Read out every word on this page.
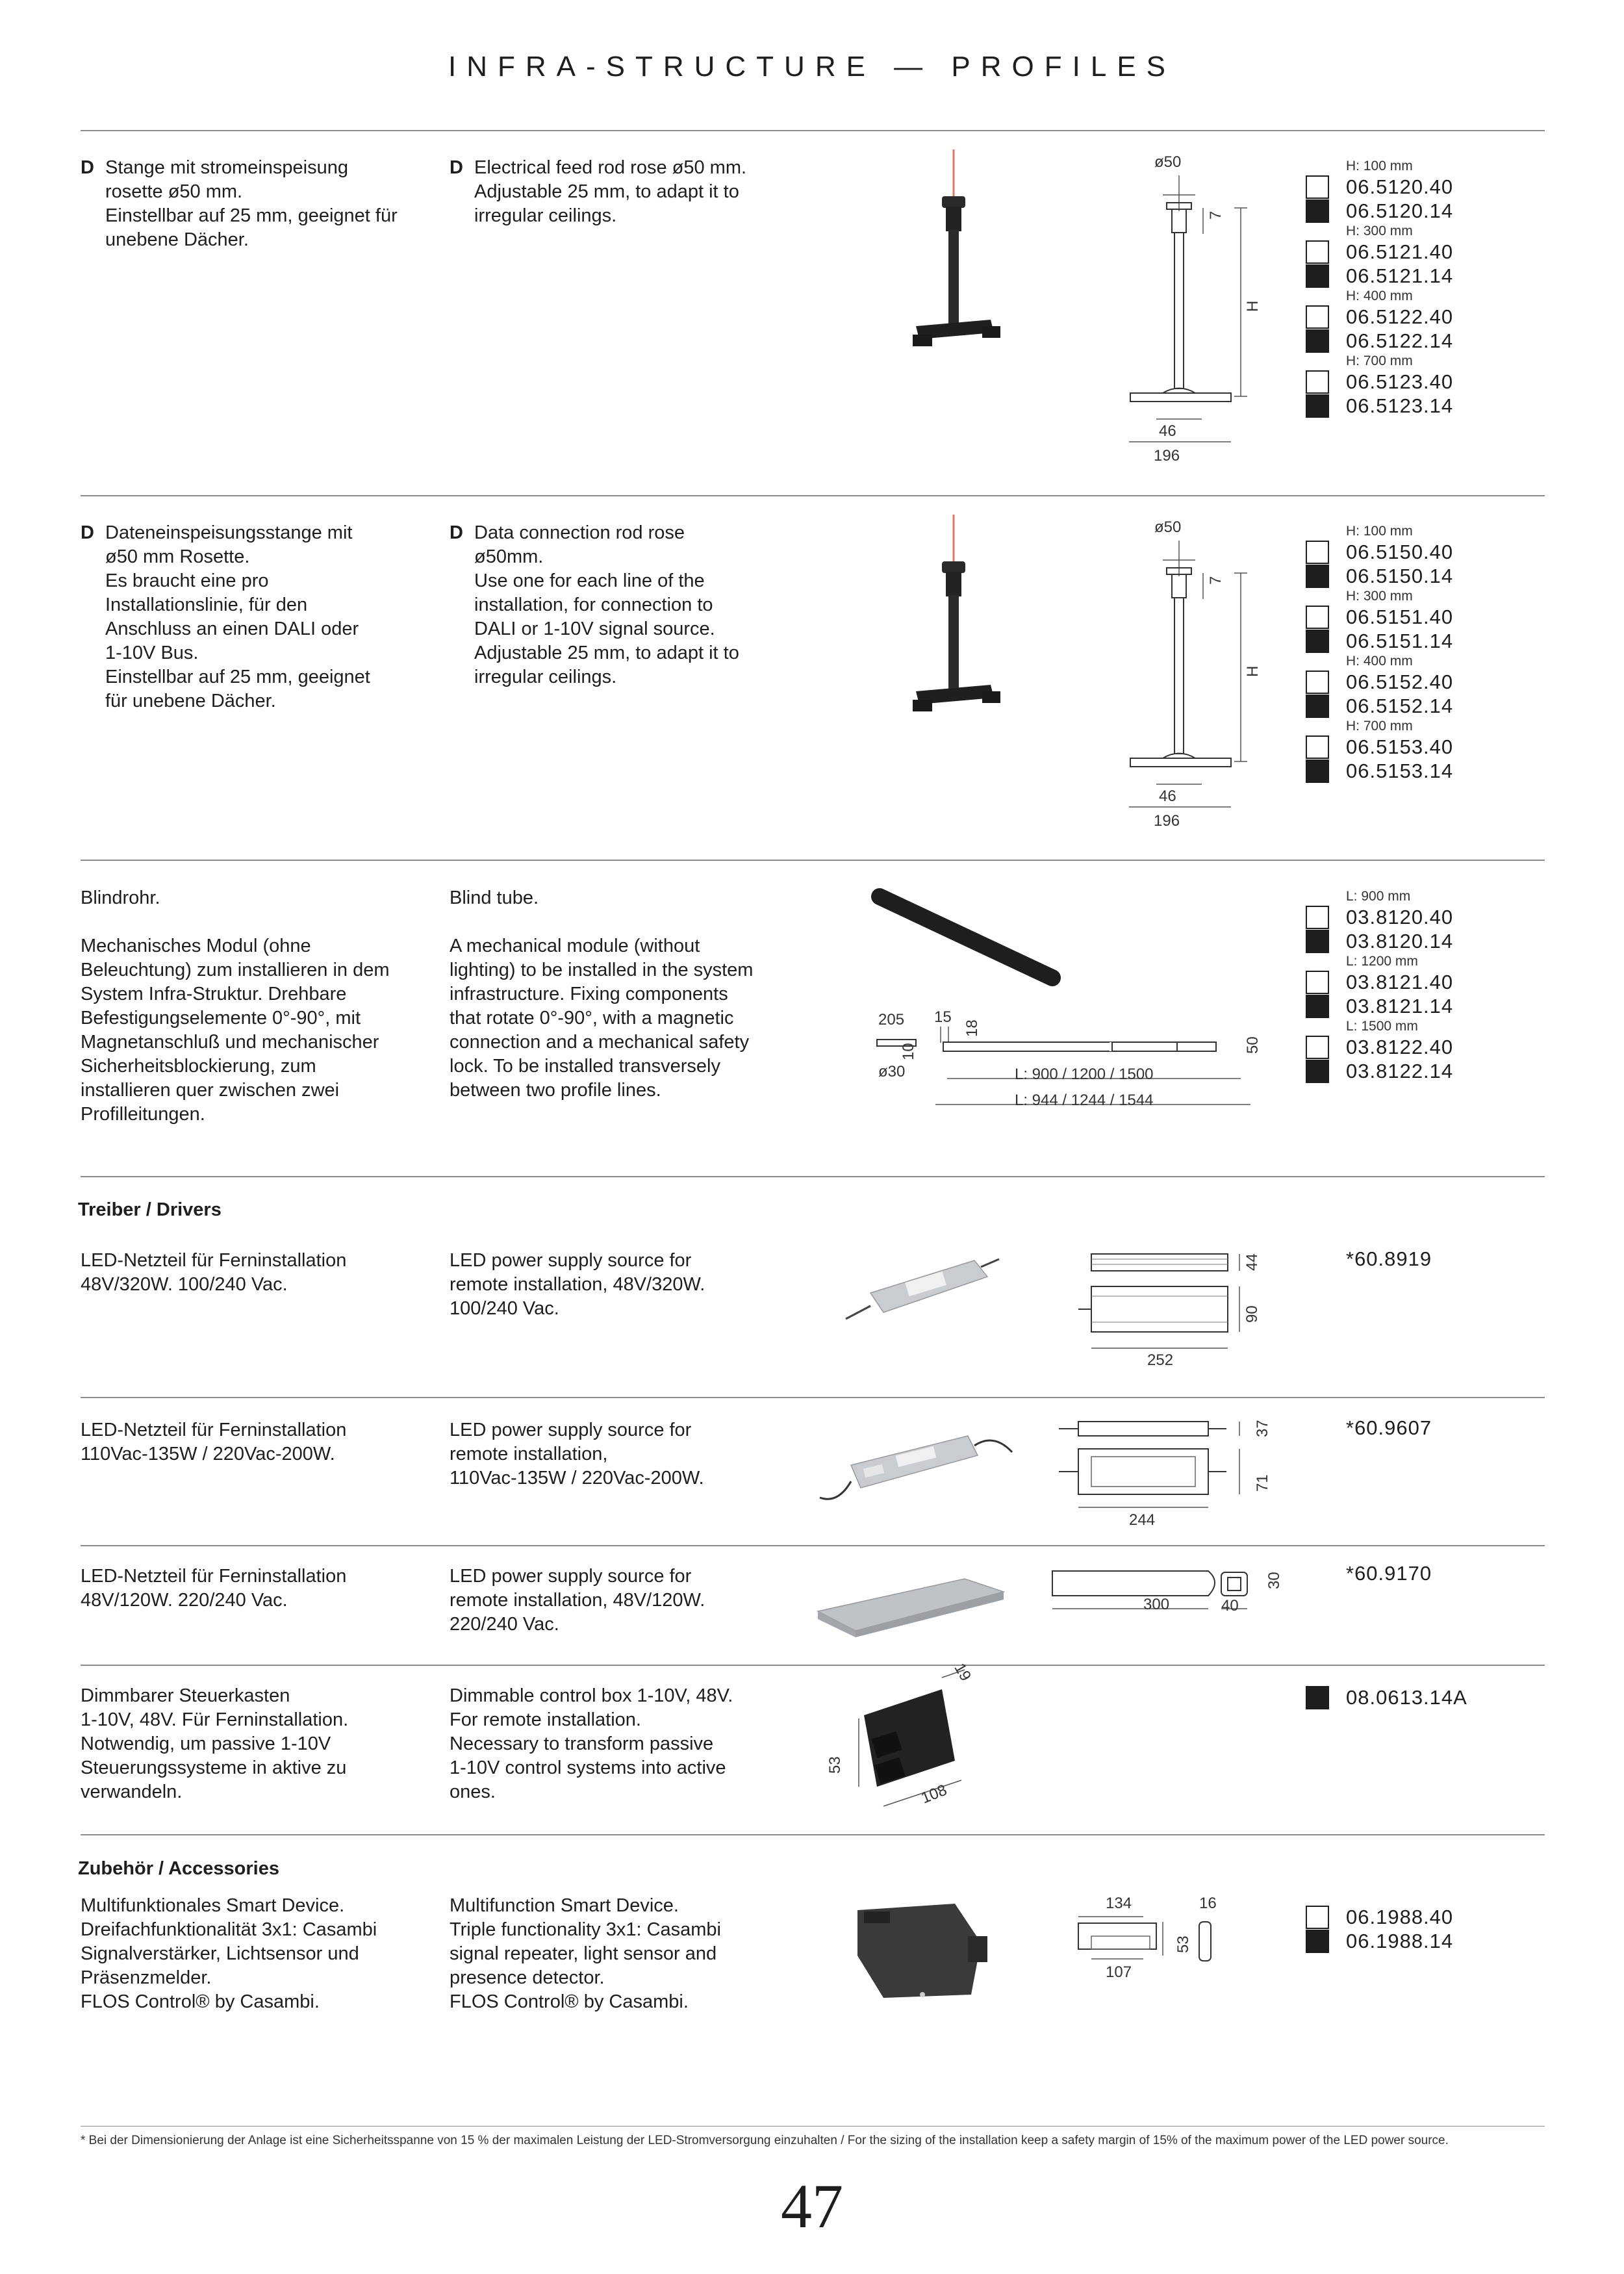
INFRA-STRUCTURE — PROFILES
D Stange mit stromeinspeisung
rosette ø50 mm.
Einstellbar auf 25 mm, geeignet für
unebene Dächer.
D Electrical feed rod rose ø50 mm.
Adjustable 25 mm, to adapt it to
irregular ceilings.
ø50
7
H
46
196
H: 100 mm
06.5120.40
06.5120.14
H: 300 mm
06.5121.40
06.5121.14
H: 400 mm
06.5122.40
06.5122.14
H: 700 mm
06.5123.40
06.5123.14
D Dateneinspeisungsstange mit
ø50 mm Rosette.
Es braucht eine pro
Installationslinie, für den
Anschluss an einen DALI oder
1-10V Bus.
Einstellbar auf 25 mm, geeignet
für unebene Dächer.
D Data connection rod rose
ø50mm.
Use one for each line of the
installation, for connection to
DALI or 1-10V signal source.
Adjustable 25 mm, to adapt it to
irregular ceilings.
ø50
7
H
46
196
H: 100 mm
06.5150.40
06.5150.14
H: 300 mm
06.5151.40
06.5151.14
H: 400 mm
06.5152.40
06.5152.14
H: 700 mm
06.5153.40
06.5153.14
Blindrohr.

Mechanisches Modul (ohne
Beleuchtung) zum installieren in dem
System Infra-Struktur. Drehbare
Befestigungselemente 0°-90°, mit
Magnetanschluß und mechanischer
Sicherheitsblockierung, zum
installieren quer zwischen zwei
Profilleitungen.
Blind tube.

A mechanical module (without
lighting) to be installed in the system
infrastructure. Fixing components
that rotate 0°-90°, with a magnetic
connection and a mechanical safety
lock. To be installed transversely
between two profile lines.
205 15
18
10
ø30
50
L: 900 / 1200 / 1500
L: 944 / 1244 / 1544
L: 900 mm
03.8120.40
03.8120.14
L: 1200 mm
03.8121.40
03.8121.14
L: 1500 mm
03.8122.40
03.8122.14
Treiber / Drivers
LED-Netzteil für Ferninstallation
48V/320W. 100/240 Vac.
LED power supply source for
remote installation, 48V/320W.
100/240 Vac.
44
90
252
*60.8919
LED-Netzteil für Ferninstallation
110Vac-135W / 220Vac-200W.
LED power supply source for
remote installation,
110Vac-135W / 220Vac-200W.
37
71
244
*60.9607
LED-Netzteil für Ferninstallation
48V/120W. 220/240 Vac.
LED power supply source for
remote installation, 48V/120W.
220/240 Vac.
300	40
30	*60.9170
Dimmbarer Steuerkasten
1-10V, 48V. Für Ferninstallation.
Notwendig, um passive 1-10V
Steuerungssysteme in aktive zu
verwandeln.
Dimmable control box 1-10V, 48V.
For remote installation.
Necessary to transform passive
1-10V control systems into active
ones.
19
53
108
08.0613.14A
Zubehör / Accessories
Multifunktionales Smart Device.
Dreifachfunktionalität 3x1: Casambi
Signalverstärker, Lichtsensor und
Präsenzmelder.
FLOS Control® by Casambi.
Multifunction Smart Device.
Triple functionality 3x1: Casambi
signal repeater, light sensor and
presence detector.
FLOS Control® by Casambi.
134	16
53
107
06.1988.40
06.1988.14
* Bei der Dimensionierung der Anlage ist eine Sicherheitsspanne von 15 % der maximalen Leistung der LED-Stromversorgung einzuhalten / For the sizing of the installation keep a safety margin of 15% of the maximum power of the LED power source.
47
